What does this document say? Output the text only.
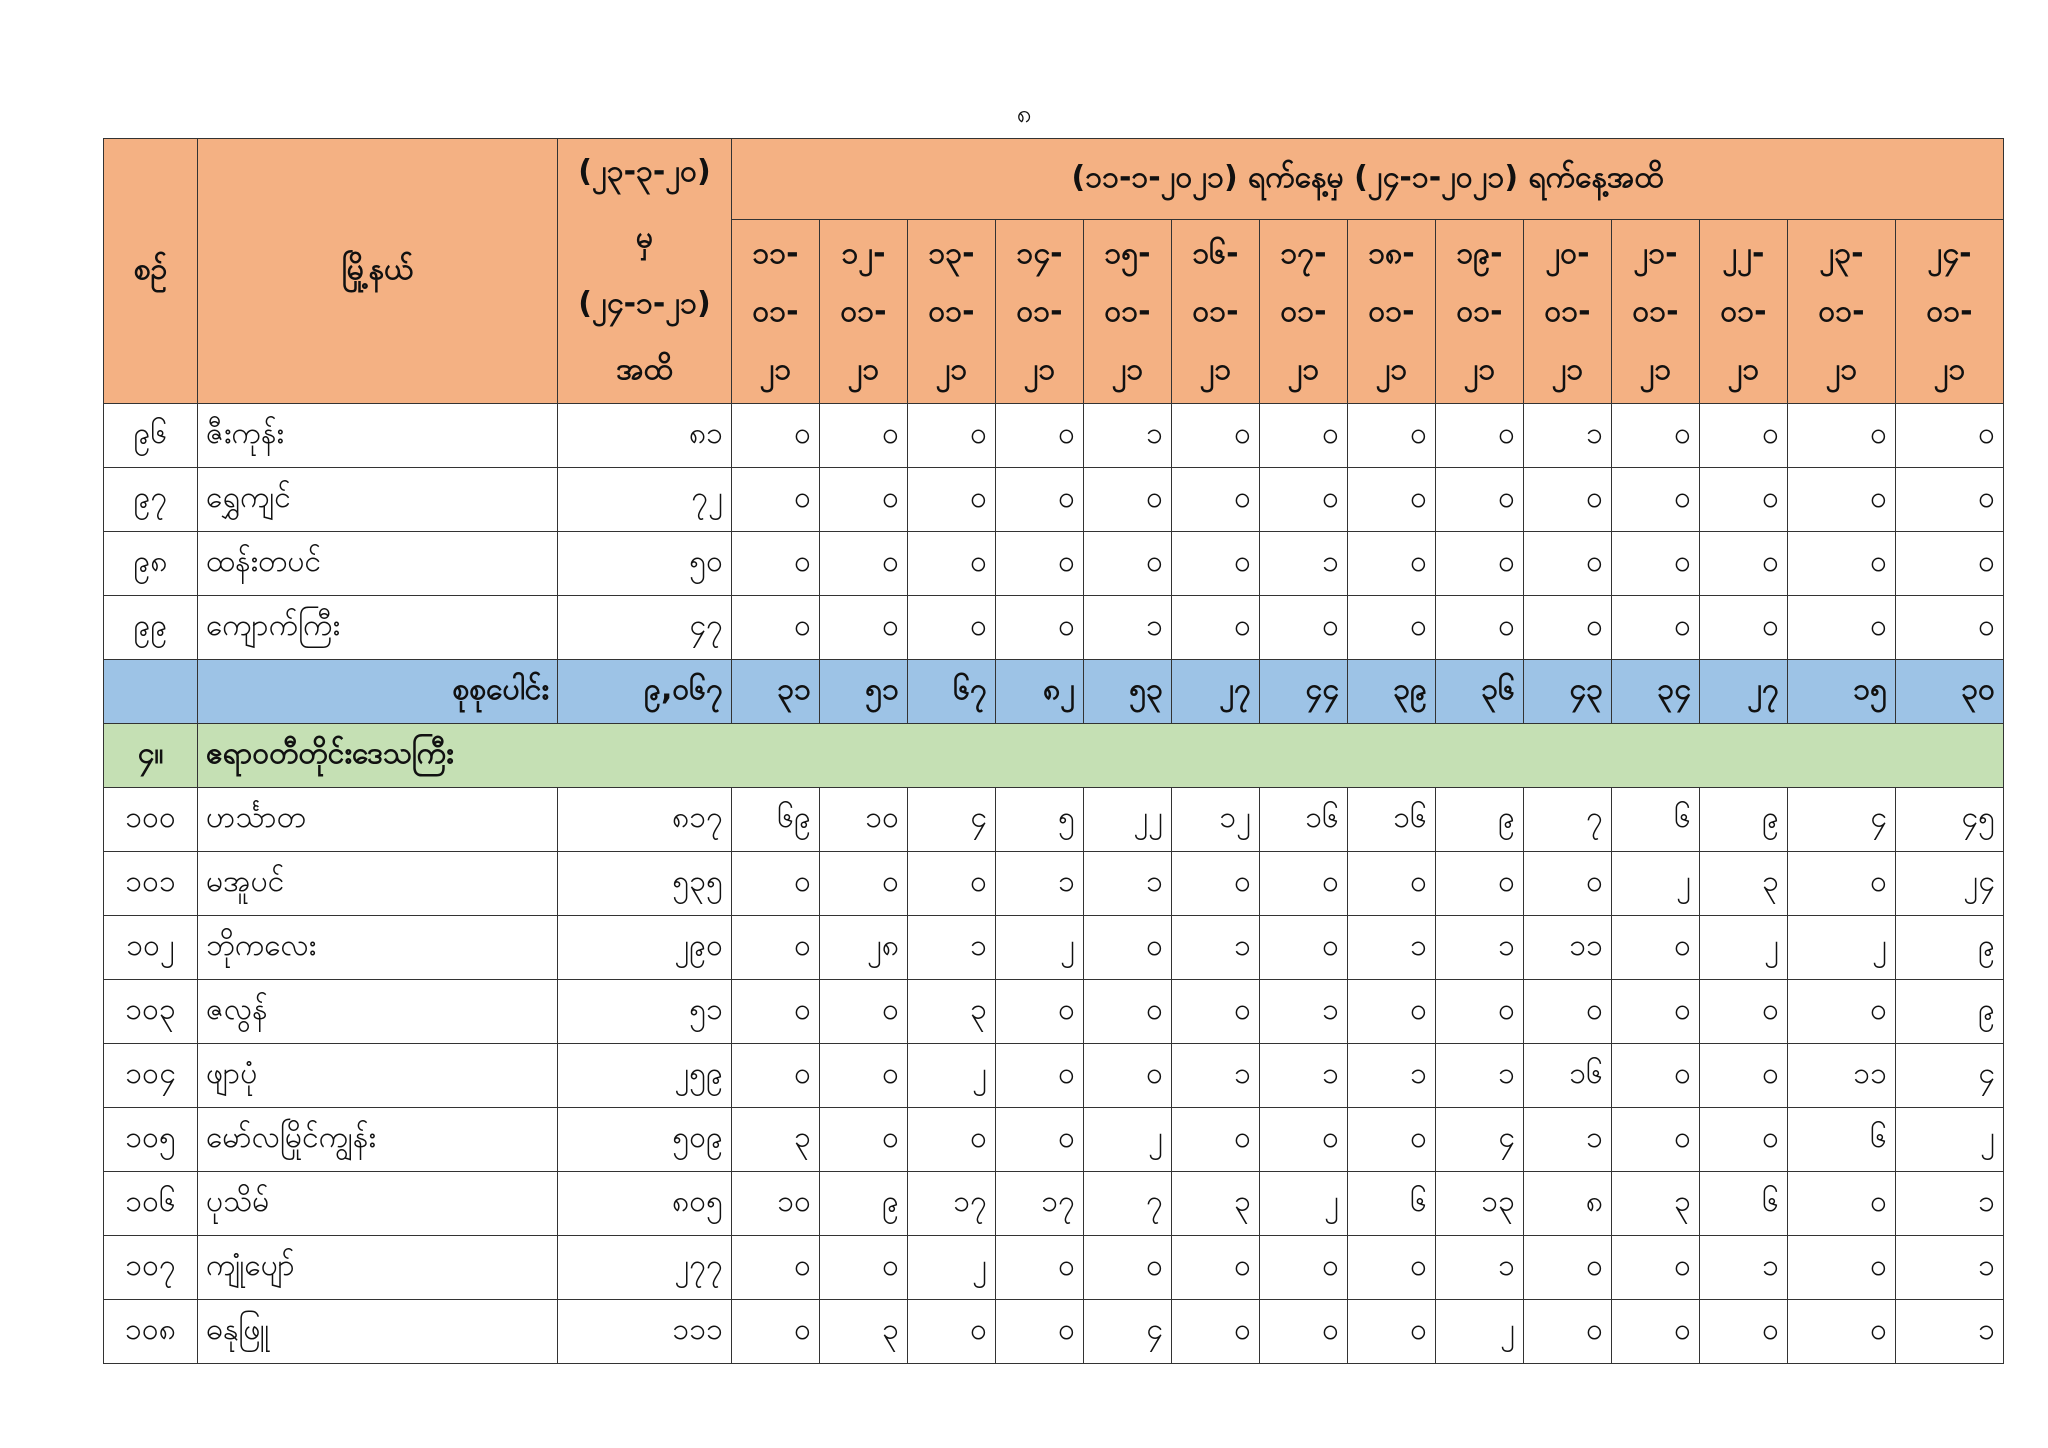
၈
စဉ်	မြို့နယ်	(၂၃-၃-၂၀)
မှ
(၂၄-၁-၂၁)
အထိ	(၁၁-၁-၂၀၂၁) ရက်နေ့မှ (၂၄-၁-၂၀၂၁) ရက်နေ့အထိ													

			၁၁-
၀၁-
၂၁	၁၂-
၀၁-
၂၁	၁၃-
၀၁-
၂၁	၁၄-
၀၁-
၂၁	၁၅-
၀၁-
၂၁	၁၆-
၀၁-
၂၁	၁၇-
၀၁-
၂၁	၁၈-
၀၁-
၂၁	၁၉-
၀၁-
၂၁	၂၀-
၀၁-
၂၁	၂၁-
၀၁-
၂၁	၂၂-
၀၁-
၂၁	၂၃-
၀၁-
၂၁	၂၄-
၀၁-
၂၁

၉၆	ဇီးကုန်း	၈၁	၀	၀	၀	၀	၁	၀	၀	၀	၀	၁	၀	၀	၀	၀
၉၇	ရွှေကျင်	၇၂	၀	၀	၀	၀	၀	၀	၀	၀	၀	၀	၀	၀	၀	၀
၉၈	ထန်းတပင်	၅၀	၀	၀	၀	၀	၀	၀	၁	၀	၀	၀	၀	၀	၀	၀
၉၉	ကျောက်ကြီး	၄၇	၀	၀	၀	၀	၁	၀	၀	၀	၀	၀	၀	၀	၀	၀
	စုစုပေါင်း	၉,၀၆၇	၃၁	၅၁	၆၇	၈၂	၅၃	၂၇	၄၄	၃၉	၃၆	၄၃	၃၄	၂၇	၁၅	၃၀
၄။	ဧရာဝတီတိုင်းဒေသကြီး															
၁၀၀	ဟင်္သာတ	၈၁၇	၆၉	၁၀	၄	၅	၂၂	၁၂	၁၆	၁၆	၉	၇	၆	၉	၄	၄၅
၁၀၁	မအူပင်	၅၃၅	၀	၀	၀	၁	၁	၀	၀	၀	၀	၀	၂	၃	၀	၂၄
၁၀၂	ဘိုကလေး	၂၉၀	၀	၂၈	၁	၂	၀	၁	၀	၁	၁	၁၁	၀	၂	၂	၉
၁၀၃	ဇလွန်	၅၁	၀	၀	၃	၀	၀	၀	၁	၀	၀	၀	၀	၀	၀	၉
၁၀၄	ဖျာပုံ	၂၅၉	၀	၀	၂	၀	၀	၁	၁	၁	၁	၁၆	၀	၀	၁၁	၄
၁၀၅	မော်လမြိုင်ကျွန်း	၅၀၉	၃	၀	၀	၀	၂	၀	၀	၀	၄	၁	၀	၀	၆	၂
၁၀၆	ပုသိမ်	၈၀၅	၁၀	၉	၁၇	၁၇	၇	၃	၂	၆	၁၃	၈	၃	၆	၀	၁
၁၀၇	ကျုံပျော်	၂၇၇	၀	၀	၂	၀	၀	၀	၀	၀	၁	၀	၀	၁	၀	၁
၁၀၈	ဓနုဖြူ	၁၁၁	၀	၃	၀	၀	၄	၀	၀	၀	၂	၀	၀	၀	၀	၁
